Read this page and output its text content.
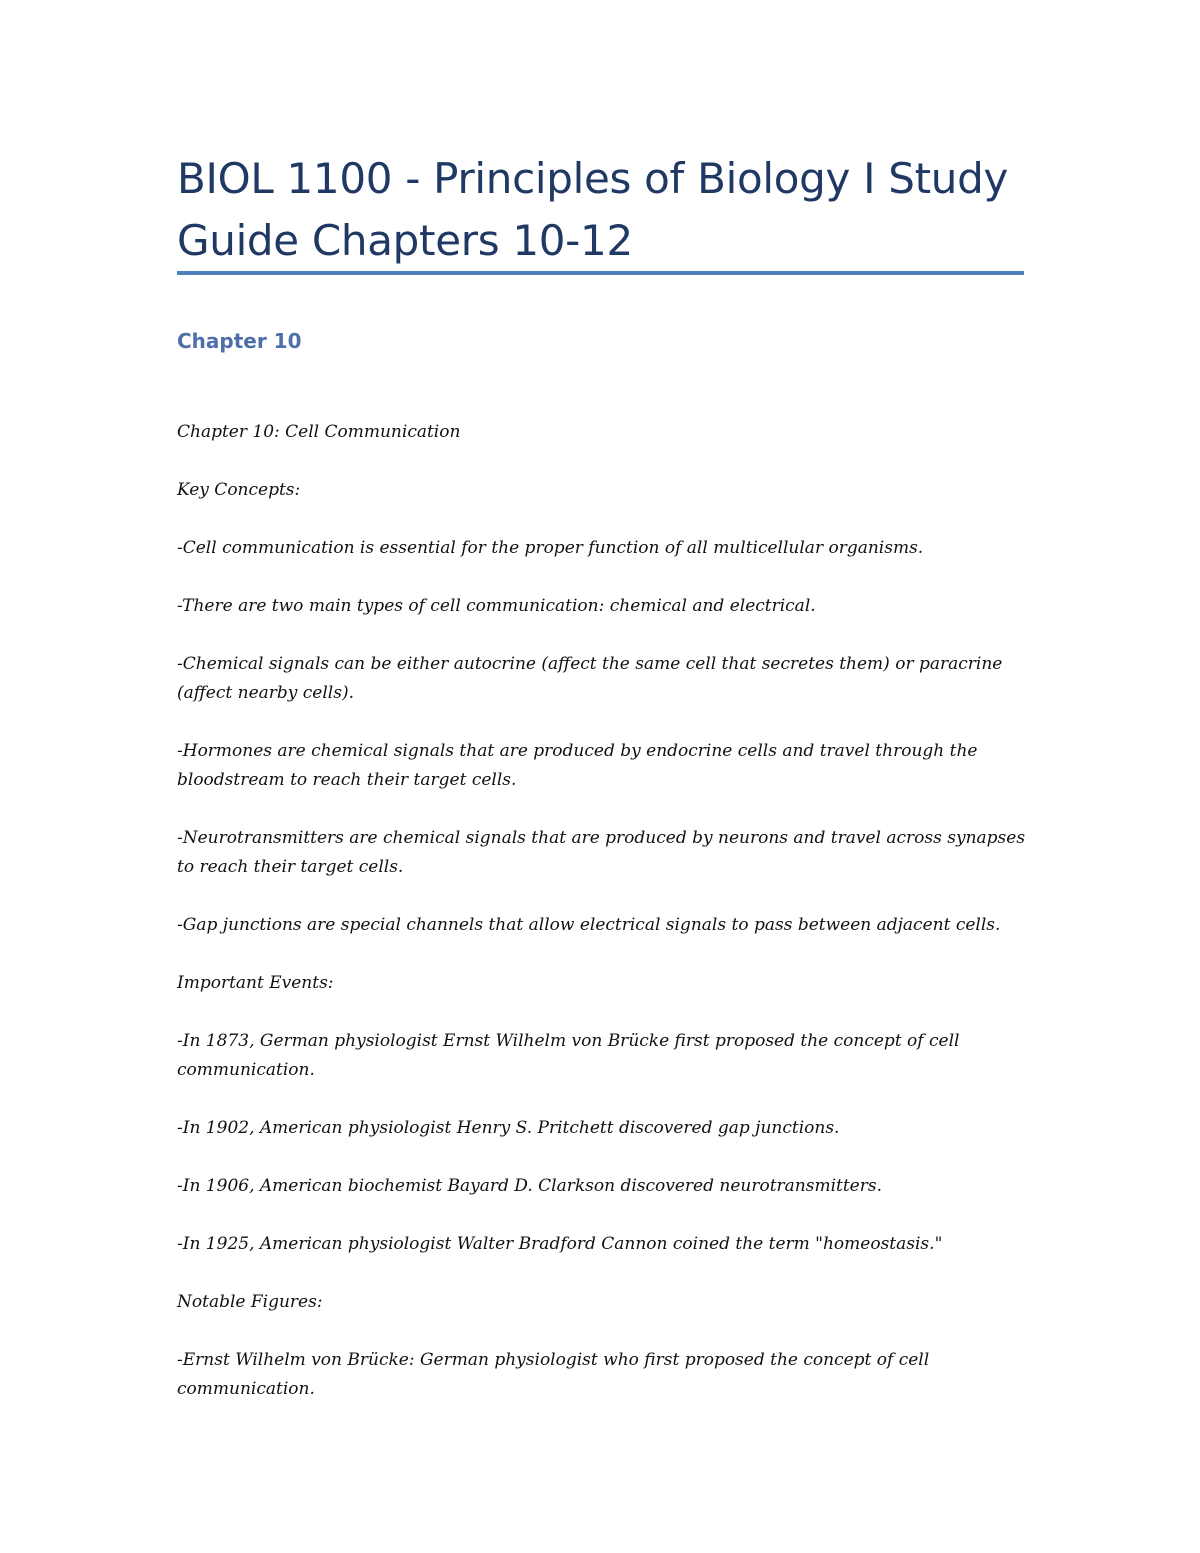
BIOL 1100 - Principles of Biology I Study Guide Chapters 10-12
Chapter 10

Chapter 10: Cell Communication

Key Concepts:

-Cell communication is essential for the proper function of all multicellular organisms.

-There are two main types of cell communication: chemical and electrical.

-Chemical signals can be either autocrine (affect the same cell that secretes them) or paracrine (affect nearby cells).

-Hormones are chemical signals that are produced by endocrine cells and travel through the bloodstream to reach their target cells.

-Neurotransmitters are chemical signals that are produced by neurons and travel across synapses to reach their target cells.

-Gap junctions are special channels that allow electrical signals to pass between adjacent cells.

Important Events:

-In 1873, German physiologist Ernst Wilhelm von Brücke first proposed the concept of cell communication.

-In 1902, American physiologist Henry S. Pritchett discovered gap junctions.

-In 1906, American biochemist Bayard D. Clarkson discovered neurotransmitters.

-In 1925, American physiologist Walter Bradford Cannon coined the term "homeostasis."

Notable Figures:

-Ernst Wilhelm von Brücke: German physiologist who first proposed the concept of cell communication.
